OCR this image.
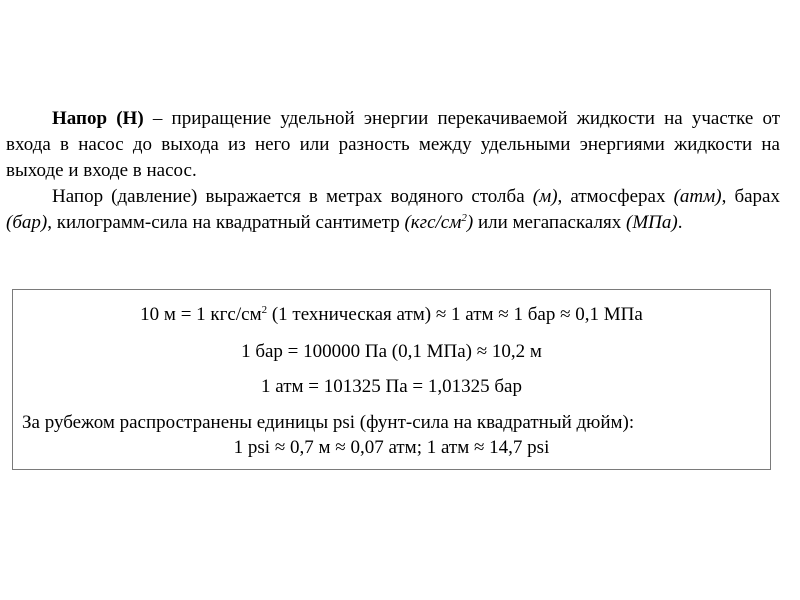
Напор (Н) – приращение удельной энергии перекачиваемой жидкости на участке от входа в насос до выхода из него или разность между удельными энергиями жидкости на выходе и входе в насос.

Напор (давление) выражается в метрах водяного столба (м), атмосферах (атм), барах (бар), килограмм-сила на квадратный сантиметр $(кгс/см^2)$ или мегапаскалях (МПа).

10 м = 1 кгс/$см^2$ (1 техническая атм) ≈ 1 атм ≈ 1 бар ≈ 0,1 МПа
1 бар = 100000 Па (0,1 МПа) ≈ 10,2 м
1 атм = 101325 Па = 1,01325 бар
За рубежом распространены единицы psi (фунт-сила на квадратный дюйм):
1 psi ≈ 0,7 м ≈ 0,07 атм; 1 атм ≈ 14,7 psi
